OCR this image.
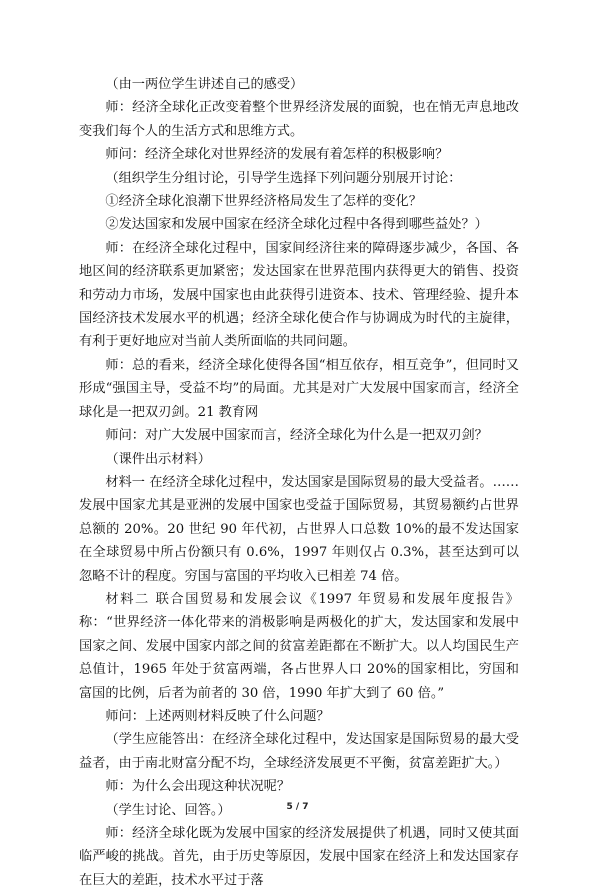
（由一两位学生讲述自己的感受）

师：经济全球化正改变着整个世界经济发展的面貌，也在悄无声息地改变我们每个人的生活方式和思维方式。

师问：经济全球化对世界经济的发展有着怎样的积极影响？

（组织学生分组讨论，引导学生选择下列问题分别展开讨论：

①经济全球化浪潮下世界经济格局发生了怎样的变化？

②发达国家和发展中国家在经济全球化过程中各得到哪些益处？）

师：在经济全球化过程中，国家间经济往来的障碍逐步减少，各国、各地区间的经济联系更加紧密；发达国家在世界范围内获得更大的销售、投资和劳动力市场，发展中国家也由此获得引进资本、技术、管理经验、提升本国经济技术发展水平的机遇；经济全球化使合作与协调成为时代的主旋律，有利于更好地应对当前人类所面临的共同问题。

师：总的看来，经济全球化使得各国“相互依存，相互竞争”，但同时又形成“强国主导，受益不均”的局面。尤其是对广大发展中国家而言，经济全球化是一把双刃剑。21 教育网

师问：对广大发展中国家而言，经济全球化为什么是一把双刃剑？

（课件出示材料）

材料一 在经济全球化过程中，发达国家是国际贸易的最大受益者。……发展中国家尤其是亚洲的发展中国家也受益于国际贸易，其贸易额约占世界总额的 20%。20 世纪 90 年代初，占世界人口总数 10%的最不发达国家在全球贸易中所占份额只有 0.6%，1997 年则仅占 0.3%，甚至达到可以忽略不计的程度。穷国与富国的平均收入已相差 74 倍。

材料二 联合国贸易和发展会议《1997 年贸易和发展年度报告》称：“世界经济一体化带来的消极影响是两极化的扩大，发达国家和发展中国家之间、发展中国家内部之间的贫富差距都在不断扩大。以人均国民生产总值计，1965 年处于贫富两端，各占世界人口 20%的国家相比，穷国和富国的比例，后者为前者的 30 倍，1990 年扩大到了 60 倍。”

师问：上述两则材料反映了什么问题？

（学生应能答出：在经济全球化过程中，发达国家是国际贸易的最大受益者，由于南北财富分配不均，全球经济发展更不平衡，贫富差距扩大。）

师：为什么会出现这种状况呢？

（学生讨论、回答。）

师：经济全球化既为发展中国家的经济发展提供了机遇，同时又使其面临严峻的挑战。首先，由于历史等原因，发展中国家在经济上和发达国家存在巨大的差距，技术水平过于落

5 / 7
